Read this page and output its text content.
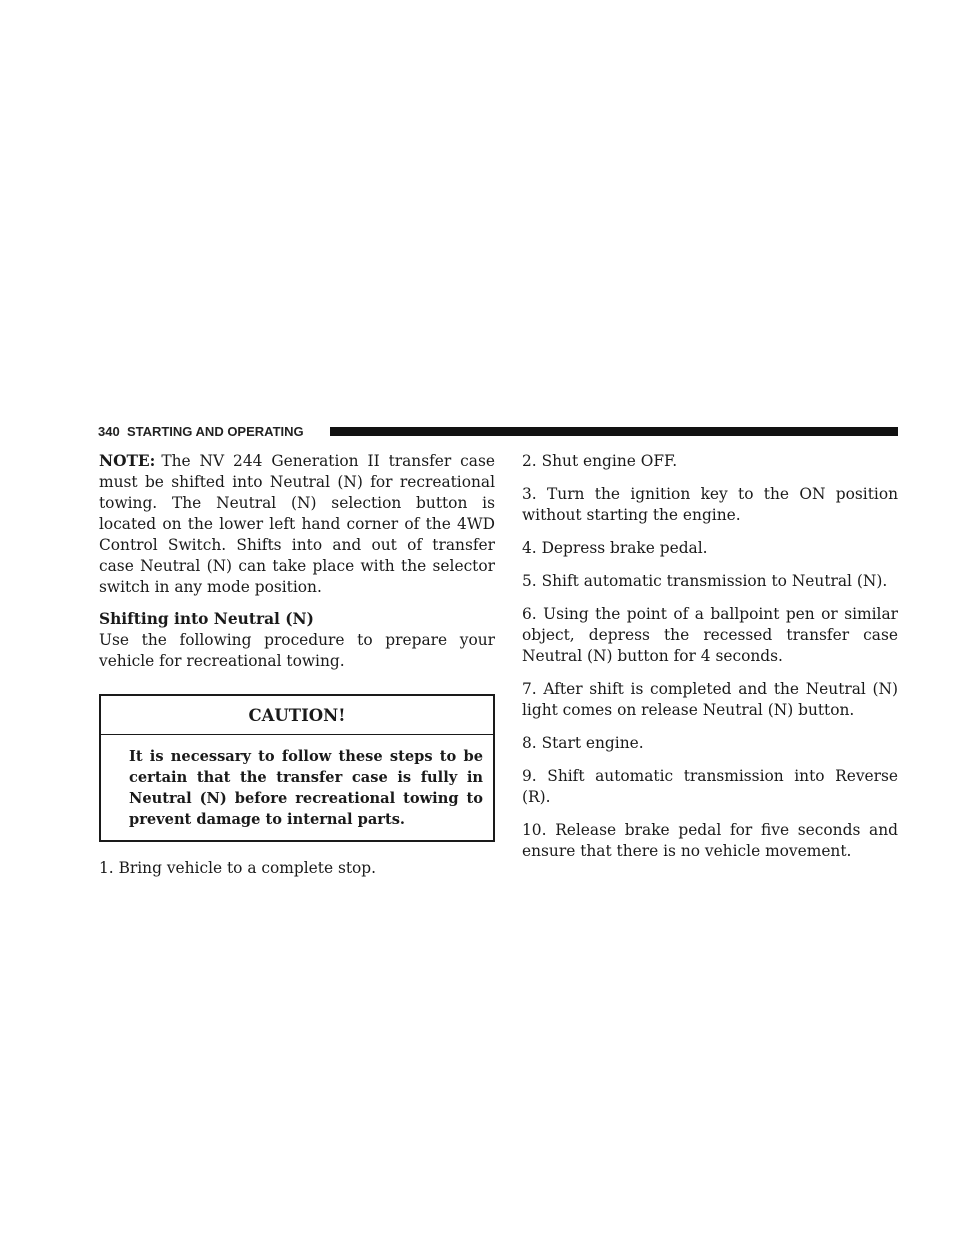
340 STARTING AND OPERATING

NOTE: The NV 244 Generation II transfer case must be shifted into Neutral (N) for recreational towing. The Neutral (N) selection button is located on the lower left hand corner of the 4WD Control Switch. Shifts into and out of transfer case Neutral (N) can take place with the selector switch in any mode position.

Shifting into Neutral (N)

Use the following procedure to prepare your vehicle for recreational towing.

CAUTION!
It is necessary to follow these steps to be certain that the transfer case is fully in Neutral (N) before recreational towing to prevent damage to internal parts.

1. Bring vehicle to a complete stop.

2. Shut engine OFF.

3. Turn the ignition key to the ON position without starting the engine.

4. Depress brake pedal.

5. Shift automatic transmission to Neutral (N).

6. Using the point of a ballpoint pen or similar object, depress the recessed transfer case Neutral (N) button for 4 seconds.

7. After shift is completed and the Neutral (N) light comes on release Neutral (N) button.

8. Start engine.

9. Shift automatic transmission into Reverse (R).

10. Release brake pedal for five seconds and ensure that there is no vehicle movement.
